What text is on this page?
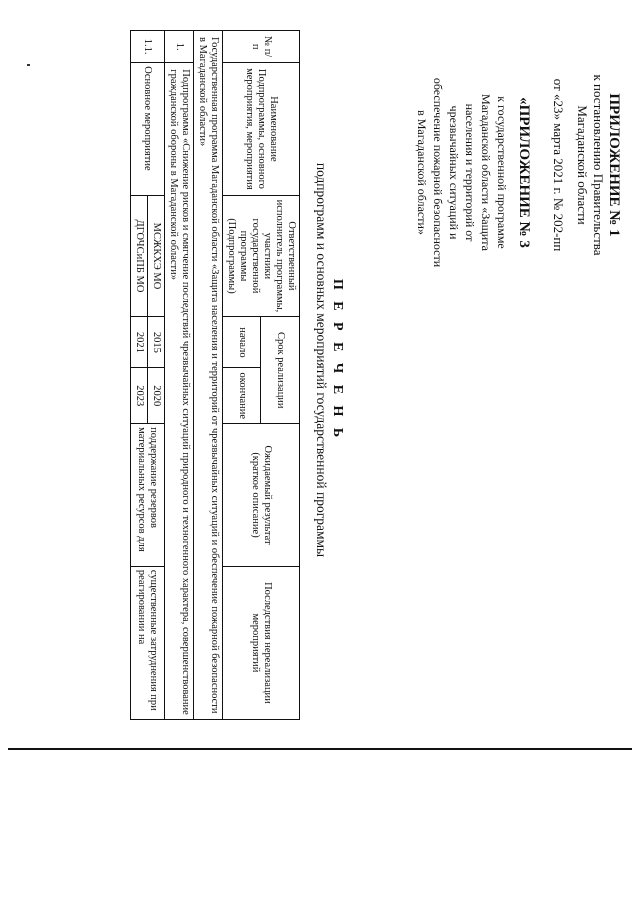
ПРИЛОЖЕНИЕ № 1
к постановлению Правительства
Магаданской области
от «23» марта 2021 г. № 202-пп
«ПРИЛОЖЕНИЕ № 3
к государственной программе
Магаданской области «Защита
населения и территорий от
чрезвычайных ситуаций и
обеспечение пожарной безопасности
в Магаданской области»
П Е Р Е Ч Е Н Ь
подпрограмм и основных мероприятий государственной программы
№ п/п	Наименование Подпрограммы, основного мероприятия, мероприятия	Ответственный исполнитель программы, участники государственной программы (Подпрограммы)	Срок реализации		Ожидаемый результат (краткое описание)	Последствия нереализации мероприятий
			начало	окончание		
Государственная программа Магаданской области «Защита населения и территорий от чрезвычайных ситуаций и обеспечение пожарной безопасности в Магаданской области»						
1.	Подпрограмма «Снижение рисков и смягчение последствий чрезвычайных ситуаций природного и техногенного характера, совершенствование гражданской обороны в Магаданской области»					
1.1.	Основное мероприятие	МСЖКХЭ МО	2015	2020	поддержание резервов материальных ресурсов для	существенные затруднения при реагировании на
		ДГОЧСиПБ МО	2021	2023		
